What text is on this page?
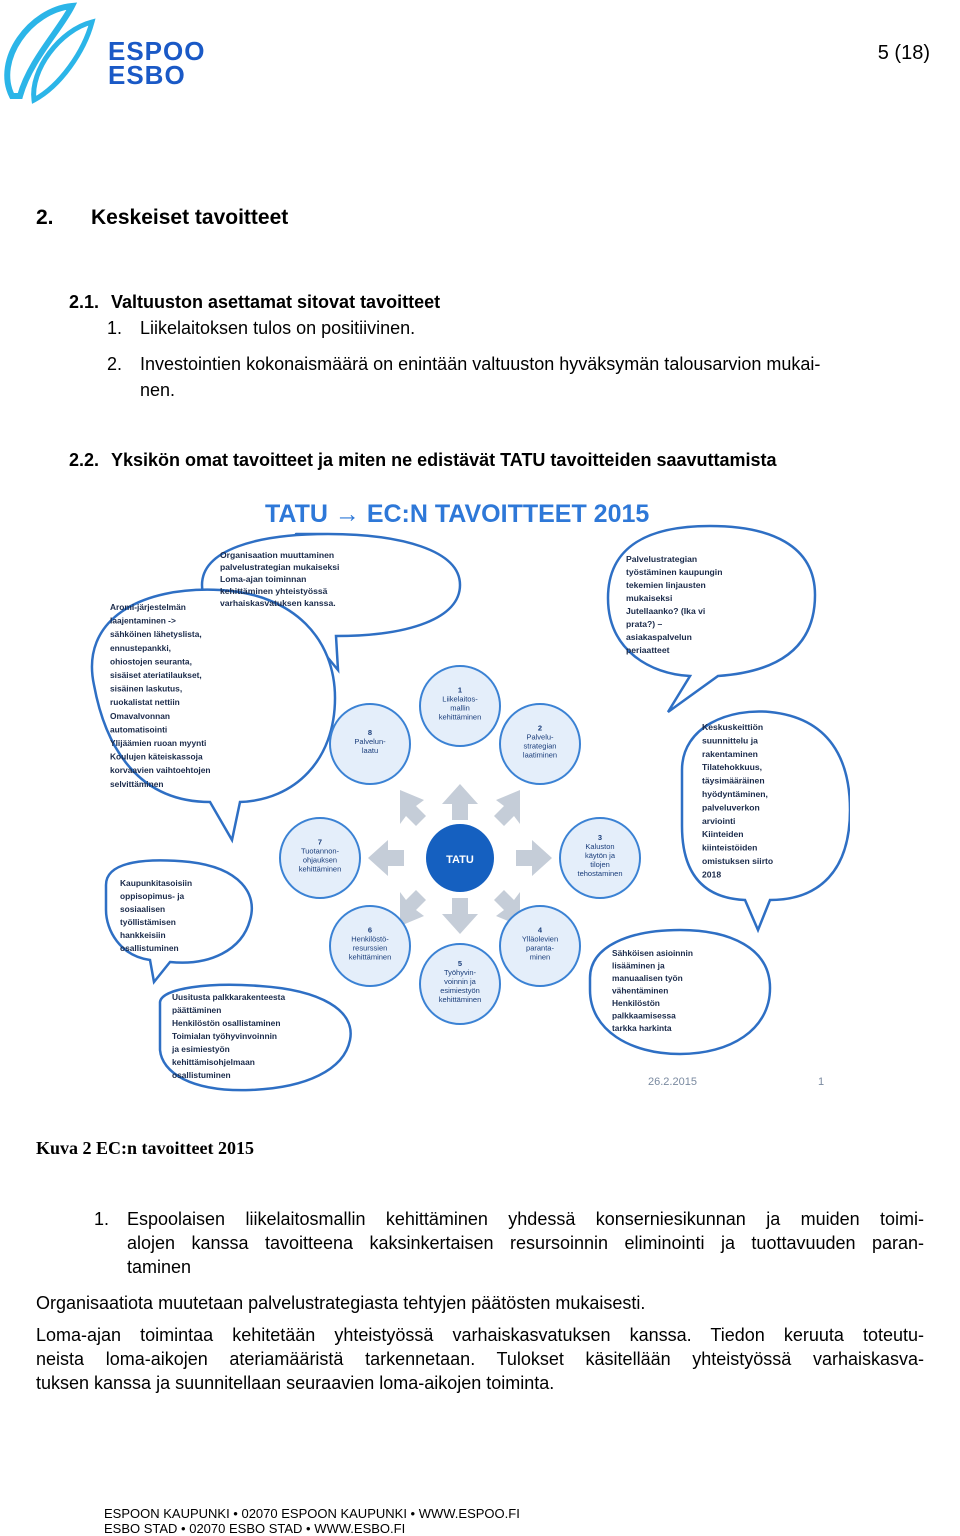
ESPOO
ESBO
5 (18)
2. Keskeiset tavoitteet
2.1. Valtuuston asettamat sitovat tavoitteet
1. Liikelaitoksen tulos on positiivinen.
2. Investointien kokonaismäärä on enintään valtuuston hyväksymän talousarvion mukai-
nen.
2.2. Yksikön omat tavoitteet ja miten ne edistävät TATU tavoitteiden saavuttamista
TATU → EC:N TAVOITTEET 2015
TATU
1 Liikelaitos-mallin kehittäminen
2 Palvelu-strategian laatiminen
3 Kaluston käytön ja tilojen tehostaminen
4 Ylläolevien paranta-minen
5 Työhyvin-voinnin ja esimiestyön kehittäminen
6 Henkilöstö-resurssien kehittäminen
7 Tuotannon-ohjauksen kehittäminen
8 Palvelun-laatu
Organisaation muuttaminen palvelustrategian mukaiseksi Loma-ajan toiminnan kehittäminen yhteistyössä varhaiskasvatuksen kanssa.
Palvelustrategian työstäminen kaupungin tekemien linjausten mukaiseksi Jutellaanko? (Ika vi prata?) – asiakaspalvelun periaatteet
Aromi-järjestelmän laajentaminen -> sähköinen lähetyslista, ennustepankki, ohiostojen seuranta, sisäiset ateriatilaukset, sisäinen laskutus, ruokalistat nettiin Omavalvonnan automatisointi Ylijäämien ruoan myynti Koulujen käteiskassoja korvaavien vaihtoehtojen selvittäminen
Keskuskeittiön suunnittelu ja rakentaminen Tilatehokkuus, täysimääräinen hyödyntäminen, palveluverkon arviointi Kiinteiden kiinteistöiden omistuksen siirto 2018
Kaupunkitasoisiin oppisopimus- ja sosiaalisen työllistämisen hankkeisiin osallistuminen
Uusitusta palkkarakenteesta päättäminen Henkilöstön osallistaminen Toimialan työhyvinvoinnin ja esimiestyön kehittämisohjelmaan osallistuminen
Sähköisen asioinnin lisääminen ja manuaalisen työn vähentäminen Henkilöstön palkkaamisessa tarkka harkinta
26.2.2015	1
Kuva 2 EC:n tavoitteet 2015
1. Espoolaisen liikelaitosmallin kehittäminen yhdessä konserniesikunnan ja muiden toimi-
alojen kanssa tavoitteena kaksinkertaisen resursoinnin eliminointi ja tuottavuuden paran-
taminen
Organisaatiota muutetaan palvelustrategiasta tehtyjen päätösten mukaisesti.
Loma-ajan toimintaa kehitetään yhteistyössä varhaiskasvatuksen kanssa. Tiedon keruuta toteutu-
neista loma-aikojen ateriamääristä tarkennetaan. Tulokset käsitellään yhteistyössä varhaiskasva-
tuksen kanssa ja suunnitellaan seuraavien loma-aikojen toiminta.
ESPOON KAUPUNKI • 02070 ESPOON KAUPUNKI • WWW.ESPOO.FI
ESBO STAD • 02070 ESBO STAD • WWW.ESBO.FI
